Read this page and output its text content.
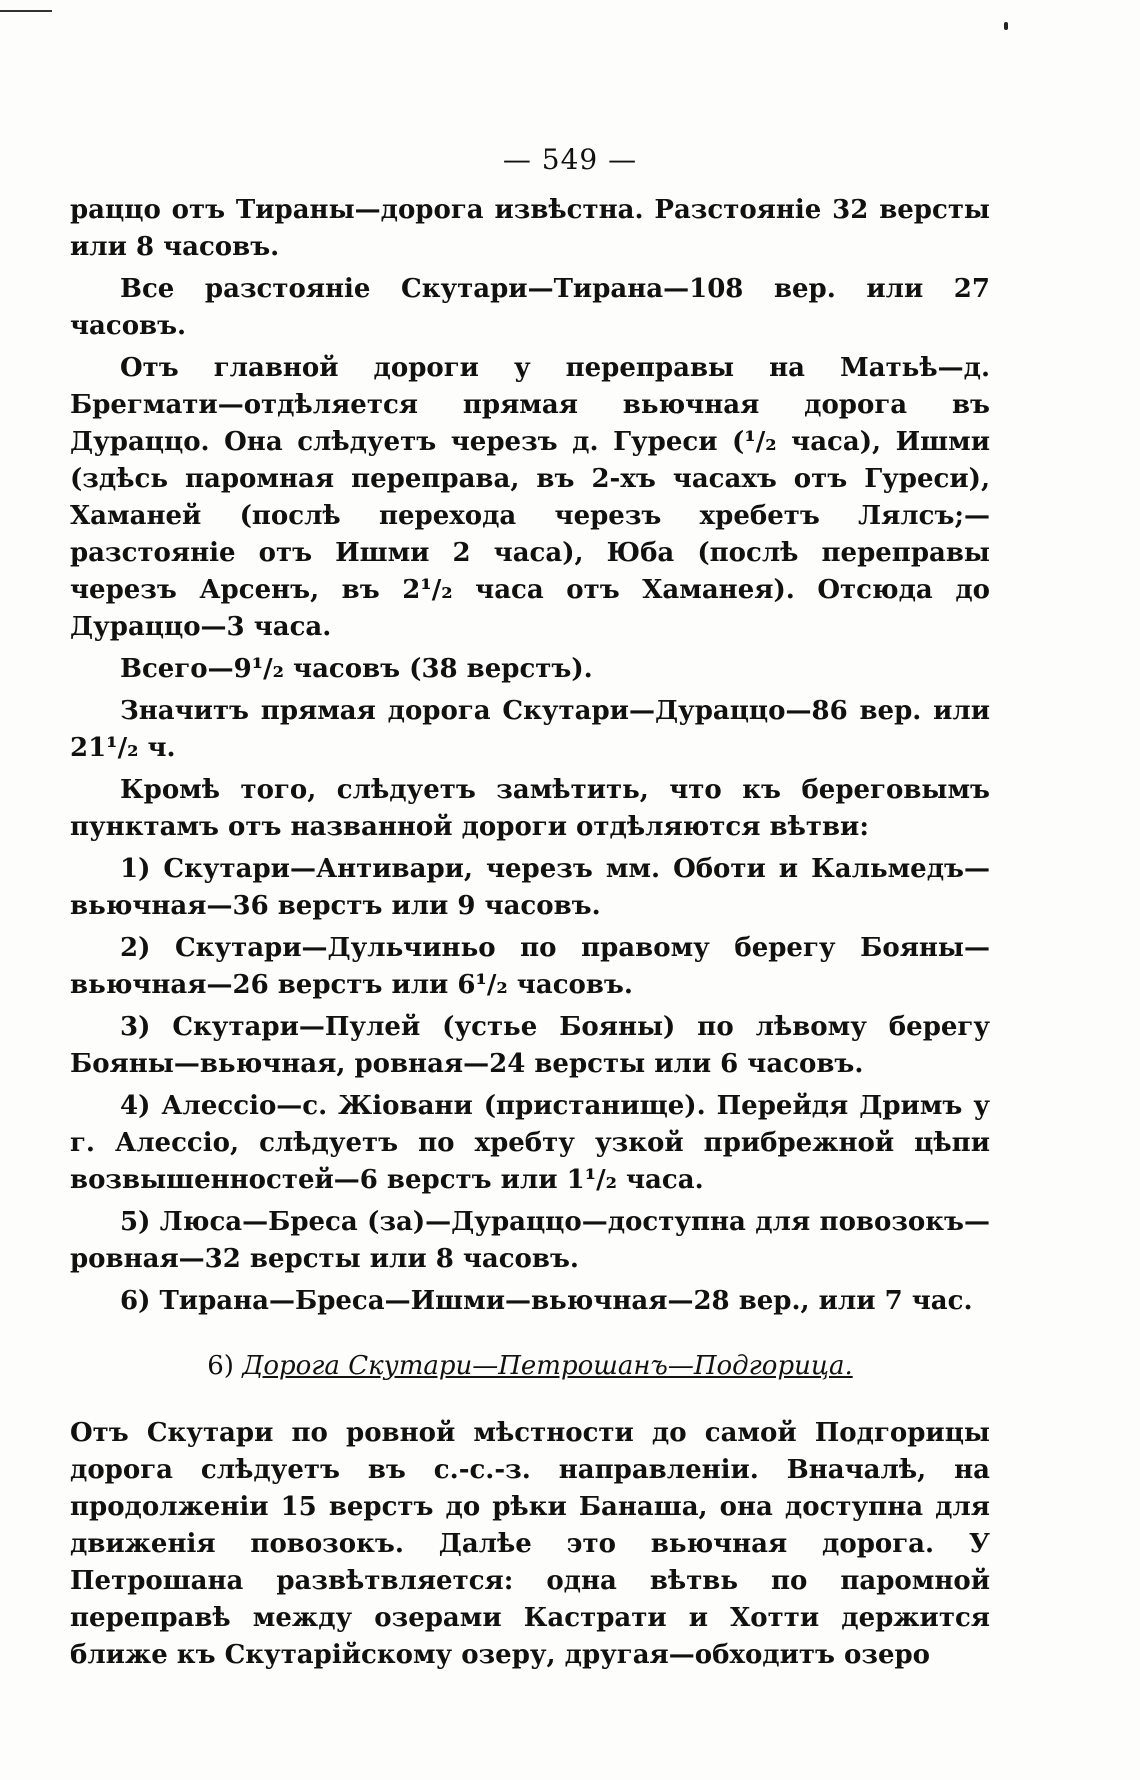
— 549 —

раццо отъ Тираны—дорога извѣстна. Разстояніе 32 версты или 8 часовъ.

Все разстояніе Скутари—Тирана—108 вер. или 27 часовъ.

Отъ главной дороги у переправы на Матьѣ—д. Брегмати—отдѣляется прямая вьючная дорога въ Дураццо. Она слѣдуетъ черезъ д. Гуреси (¹/₂ часа), Ишми (здѣсь паромная переправа, въ 2-хъ часахъ отъ Гуреси), Хаманей (послѣ перехода черезъ хребетъ Лялсъ;—разстояніе отъ Ишми 2 часа), Юба (послѣ переправы черезъ Арсенъ, въ 2¹/₂ часа отъ Хаманея). Отсюда до Дураццо—3 часа.

Всего—9¹/₂ часовъ (38 верстъ).

Значитъ прямая дорога Скутари—Дураццо—86 вер. или 21¹/₂ ч.

Кромѣ того, слѣдуетъ замѣтить, что къ береговымъ пунктамъ отъ названной дороги отдѣляются вѣтви:

1) Скутари—Антивари, черезъ мм. Оботи и Кальмедъ—вьючная—36 верстъ или 9 часовъ.

2) Скутари—Дульчиньо по правому берегу Бояны—вьючная—26 верстъ или 6¹/₂ часовъ.

3) Скутари—Пулей (устье Бояны) по лѣвому берегу Бояны—вьючная, ровная—24 версты или 6 часовъ.

4) Алессіо—с. Жіовани (пристанище). Перейдя Дримъ у г. Алессіо, слѣдуетъ по хребту узкой прибрежной цѣпи возвышенностей—6 верстъ или 1¹/₂ часа.

5) Люса—Бреса (за)—Дураццо—доступна для повозокъ—ровная—32 версты или 8 часовъ.

6) Тирана—Бреса—Ишми—вьючная—28 вер., или 7 час.

6) Дорога Скутари—Петрошанъ—Подгорица.

Отъ Скутари по ровной мѣстности до самой Подгорицы дорога слѣдуетъ въ с.-с.-з. направленіи. Вначалѣ, на продолженіи 15 верстъ до рѣки Банаша, она доступна для движенія повозокъ. Далѣе это вьючная дорога. У Петрошана развѣтвляется: одна вѣтвь по паромной переправѣ между озерами Кастрати и Хотти держится ближе къ Скутарійскому озеру, другая—обходитъ озеро
